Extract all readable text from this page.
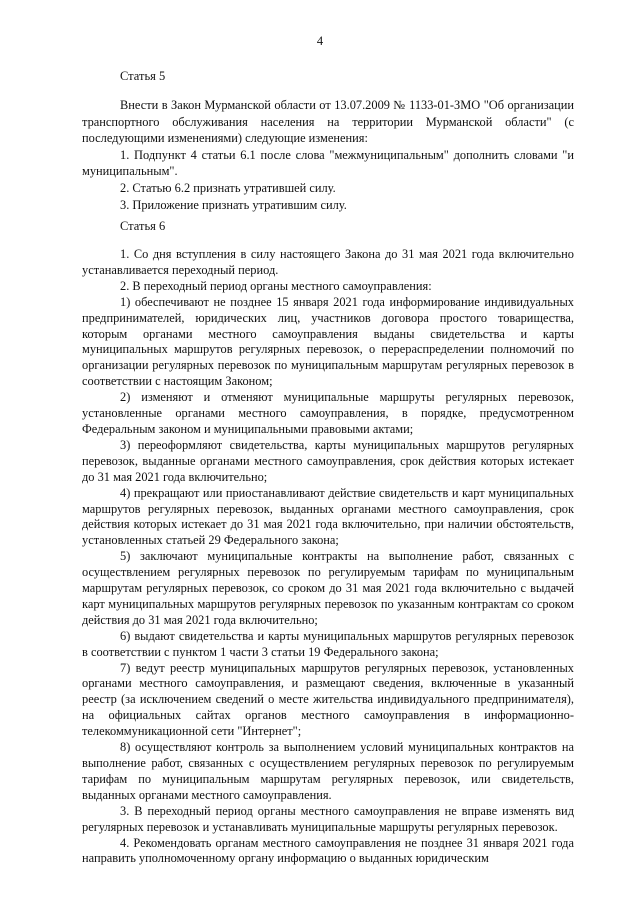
4

Статья 5

Внести в Закон Мурманской области от 13.07.2009 № 1133-01-ЗМО "Об организации транспортного обслуживания населения на территории Мурманской области" (с последующими изменениями) следующие изменения:

1. Подпункт 4 статьи 6.1 после слова "межмуниципальным" дополнить словами "и муниципальным".

2. Статью 6.2 признать утратившей силу.

3. Приложение признать утратившим силу.

Статья 6

1. Со дня вступления в силу настоящего Закона до 31 мая 2021 года включительно устанавливается переходный период.

2. В переходный период органы местного самоуправления:

1) обеспечивают не позднее 15 января 2021 года информирование индивидуальных предпринимателей, юридических лиц, участников договора простого товарищества, которым органами местного самоуправления выданы свидетельства и карты муниципальных маршрутов регулярных перевозок, о перераспределении полномочий по организации регулярных перевозок по муниципальным маршрутам регулярных перевозок в соответствии с настоящим Законом;

2) изменяют и отменяют муниципальные маршруты регулярных перевозок, установленные органами местного самоуправления, в порядке, предусмотренном Федеральным законом и муниципальными правовыми актами;

3) переоформляют свидетельства, карты муниципальных маршрутов регулярных перевозок, выданные органами местного самоуправления, срок действия которых истекает до 31 мая 2021 года включительно;

4) прекращают или приостанавливают действие свидетельств и карт муниципальных маршрутов регулярных перевозок, выданных органами местного самоуправления, срок действия которых истекает до 31 мая 2021 года включительно, при наличии обстоятельств, установленных статьей 29 Федерального закона;

5) заключают муниципальные контракты на выполнение работ, связанных с осуществлением регулярных перевозок по регулируемым тарифам по муниципальным маршрутам регулярных перевозок, со сроком до 31 мая 2021 года включительно с выдачей карт муниципальных маршрутов регулярных перевозок по указанным контрактам со сроком действия до 31 мая 2021 года включительно;

6) выдают свидетельства и карты муниципальных маршрутов регулярных перевозок в соответствии с пунктом 1 части 3 статьи 19 Федерального закона;

7) ведут реестр муниципальных маршрутов регулярных перевозок, установленных органами местного самоуправления, и размещают сведения, включенные в указанный реестр (за исключением сведений о месте жительства индивидуального предпринимателя), на официальных сайтах органов местного самоуправления в информационно-телекоммуникационной сети "Интернет";

8) осуществляют контроль за выполнением условий муниципальных контрактов на выполнение работ, связанных с осуществлением регулярных перевозок по регулируемым тарифам по муниципальным маршрутам регулярных перевозок, или свидетельств, выданных органами местного самоуправления.

3. В переходный период органы местного самоуправления не вправе изменять вид регулярных перевозок и устанавливать муниципальные маршруты регулярных перевозок.

4. Рекомендовать органам местного самоуправления не позднее 31 января 2021 года направить уполномоченному органу информацию о выданных юридическим
